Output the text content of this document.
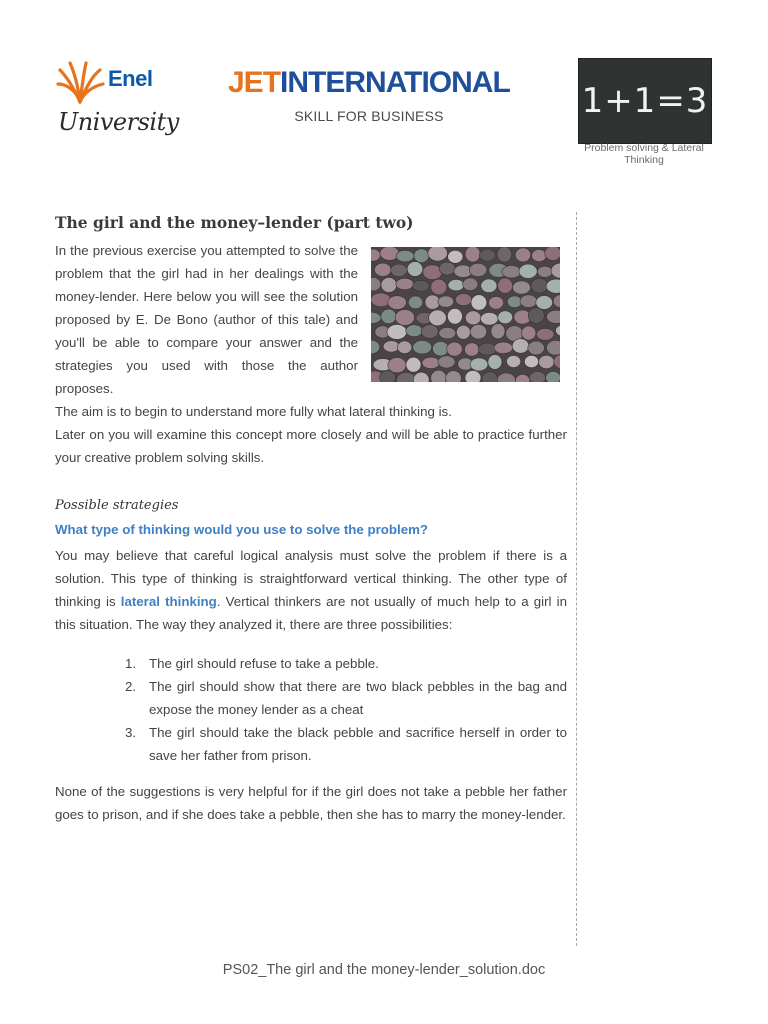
Enel
University
JETINTERNATIONAL
SKILL FOR BUSINESS	1+1=3
Problem solving & Lateral Thinking
The girl and the money–lender (part two)
In the previous exercise you attempted to solve the problem that the girl had in her dealings with the money-lender. Here below you will see the solution proposed by E. De Bono (author of this tale) and you'll be able to compare your answer and the strategies you used with those the author proposes.
The aim is to begin to understand more fully what lateral thinking is.
Later on you will examine this concept more closely and will be able to practice further your creative problem solving skills.
Possible strategies
What type of thinking would you use to solve the problem?
You may believe that careful logical analysis must solve the problem if there is a solution. This type of thinking is straightforward vertical thinking. The other type of thinking is lateral thinking. Vertical thinkers are not usually of much help to a girl in this situation. The way they analyzed it, there are three possibilities:
1. The girl should refuse to take a pebble.
2. The girl should show that there are two black pebbles in the bag and expose the money lender as a cheat
3. The girl should take the black pebble and sacrifice herself in order to save her father from prison.
None of the suggestions is very helpful for if the girl does not take a pebble her father goes to prison, and if she does take a pebble, then she has to marry the money-lender.
PS02_The girl and the money-lender_solution.doc
